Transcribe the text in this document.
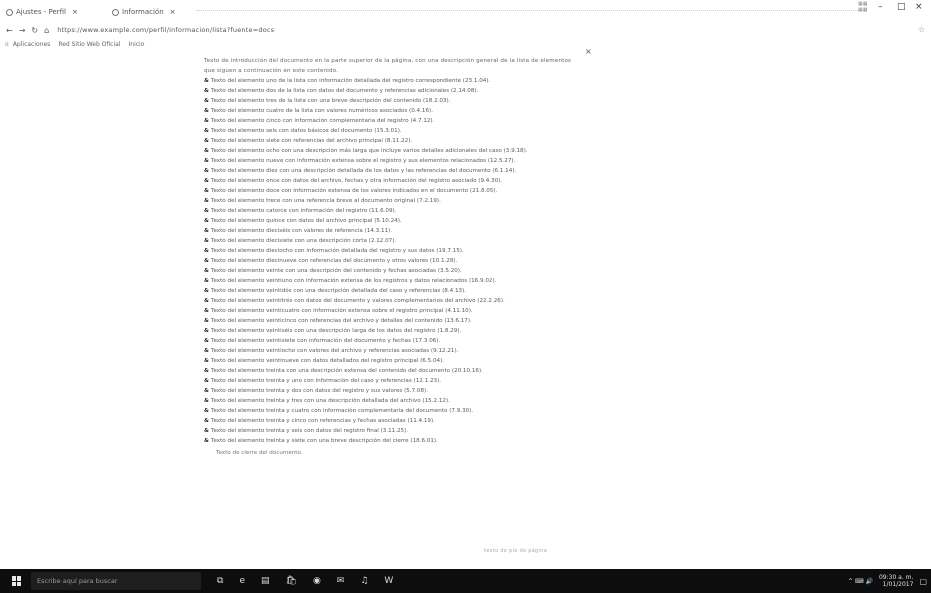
Ajustes - Perfil ×	Información ×
▦▦
▦▦	– □ ×
← → ↻ ⌂ https://www.example.com/perfil/informacion/lista?fuente=docs	☆
⁞⁞ Aplicaciones Red Sitio Web Oficial Inicio
×

Texto de introducción del documento en la parte superior de la página, con una descripción general de la lista de elementos que siguen a continuación en este contenido.

& Texto del elemento uno de la lista con información detallada del registro correspondiente (23.1.04).
& Texto del elemento dos de la lista con datos del documento y referencias adicionales (2.14.08).
& Texto del elemento tres de la lista con una breve descripción del contenido (18.2.03).
& Texto del elemento cuatro de la lista con valores numéricos asociados (0.4.16).
& Texto del elemento cinco con información complementaria del registro (4.7.12).
& Texto del elemento seis con datos básicos del documento (15.3.01).
& Texto del elemento siete con referencias del archivo principal (8.11.22).
& Texto del elemento ocho con una descripción más larga que incluye varios detalles adicionales del caso (3.9.18).
& Texto del elemento nueve con información extensa sobre el registro y sus elementos relacionados (12.5.27).
& Texto del elemento diez con una descripción detallada de los datos y las referencias del documento (6.1.14).
& Texto del elemento once con datos del archivo, fechas y otra información del registro asociado (9.4.30).
& Texto del elemento doce con información extensa de los valores indicados en el documento (21.8.05).
& Texto del elemento trece con una referencia breve al documento original (7.2.19).
& Texto del elemento catorce con información del registro (11.6.09).
& Texto del elemento quince con datos del archivo principal (5.10.24).
& Texto del elemento dieciséis con valores de referencia (14.3.11).
& Texto del elemento diecisiete con una descripción corta (2.12.07).
& Texto del elemento dieciocho con información detallada del registro y sus datos (19.7.15).
& Texto del elemento diecinueve con referencias del documento y otros valores (10.1.28).
& Texto del elemento veinte con una descripción del contenido y fechas asociadas (3.5.20).
& Texto del elemento veintiuno con información extensa de los registros y datos relacionados (16.9.02).
& Texto del elemento veintidós con una descripción detallada del caso y referencias (8.4.13).
& Texto del elemento veintitrés con datos del documento y valores complementarios del archivo (22.2.26).
& Texto del elemento veinticuatro con información extensa sobre el registro principal (4.11.10).
& Texto del elemento veinticinco con referencias del archivo y detalles del contenido (13.6.17).
& Texto del elemento veintiséis con una descripción larga de los datos del registro (1.8.29).
& Texto del elemento veintisiete con información del documento y fechas (17.3.06).
& Texto del elemento veintiocho con valores del archivo y referencias asociadas (9.12.21).
& Texto del elemento veintinueve con datos detallados del registro principal (6.5.04).
& Texto del elemento treinta con una descripción extensa del contenido del documento (20.10.16).
& Texto del elemento treinta y uno con información del caso y referencias (12.1.23).
& Texto del elemento treinta y dos con datos del registro y sus valores (5.7.08).
& Texto del elemento treinta y tres con una descripción detallada del archivo (15.2.12).
& Texto del elemento treinta y cuatro con información complementaria del documento (7.9.30).
& Texto del elemento treinta y cinco con referencias y fechas asociadas (11.4.19).
& Texto del elemento treinta y seis con datos del registro final (3.11.25).
& Texto del elemento treinta y siete con una breve descripción del cierre (18.6.01).
Texto de cierre del documento.
texto de pie de página
Escribe aquí para buscar	⧉ e ▤ 🛍 ◉ ✉ ♫ W	^ ⌨ 🔊 09:30 a. m.
1/01/2017 ▢
